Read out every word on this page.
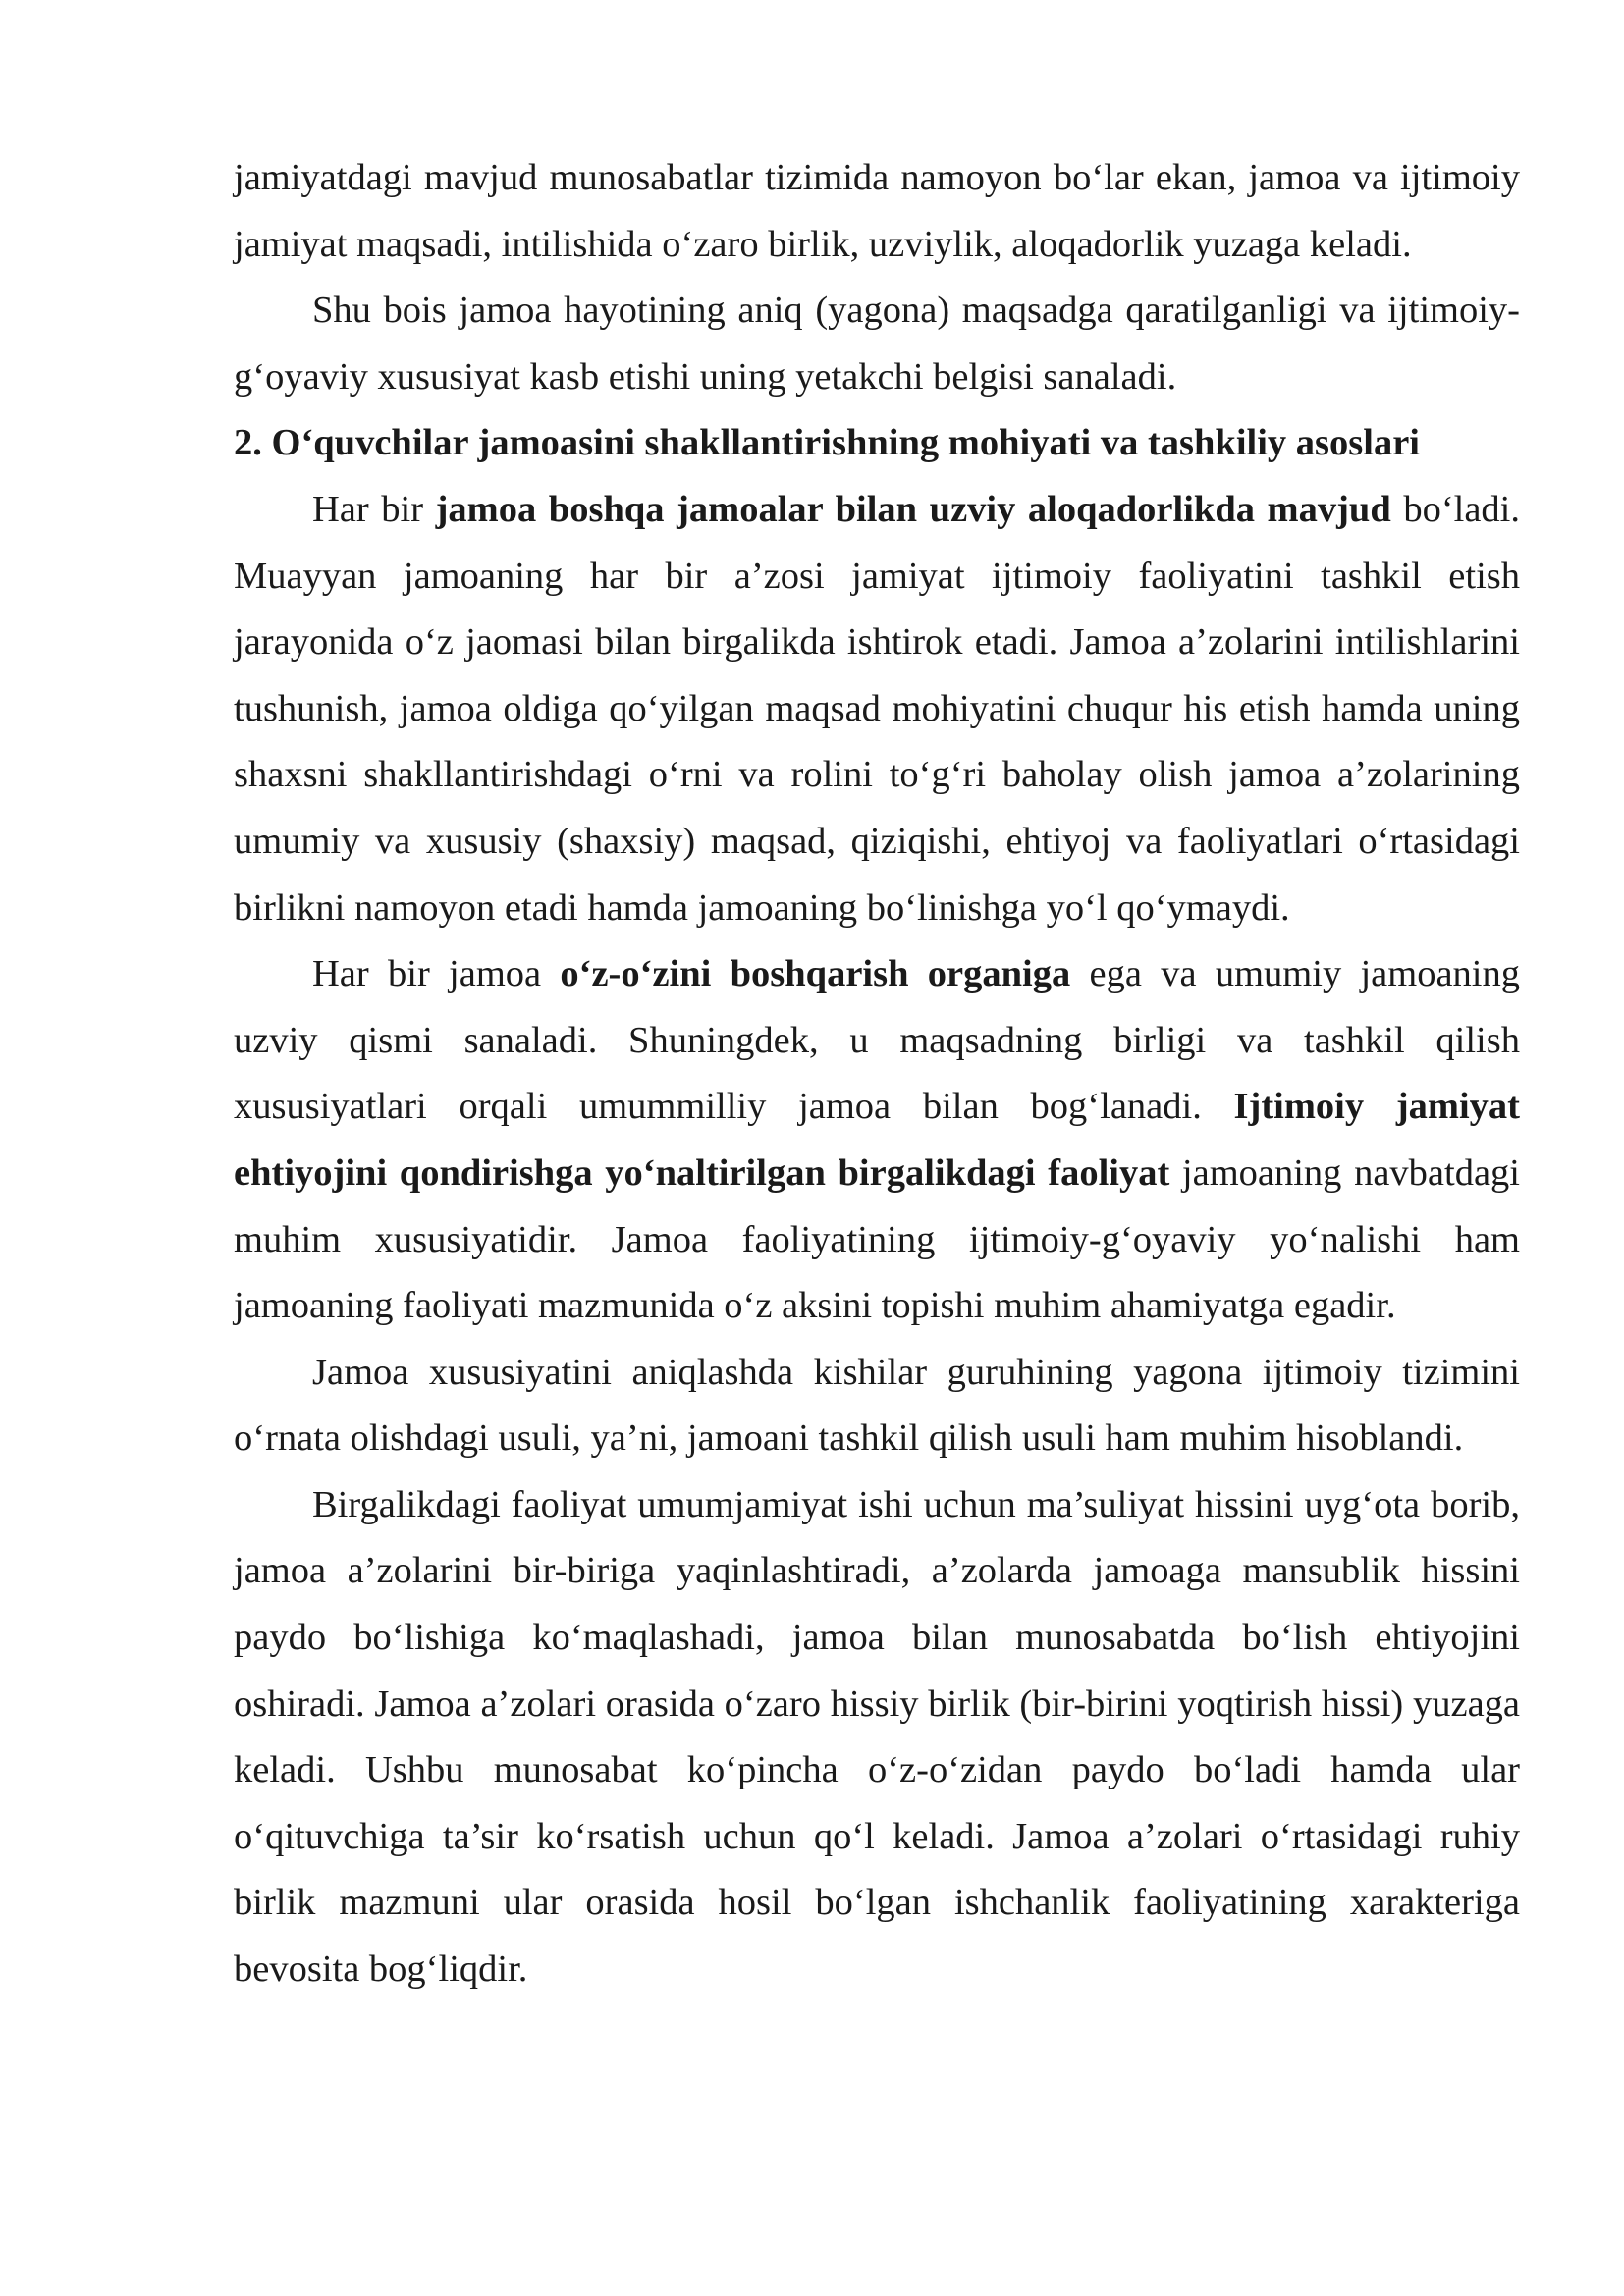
jamiyatdagi mavjud munosabatlar tizimida namoyon bo‘lar ekan, jamoa va ijtimoiy jamiyat maqsadi, intilishida o‘zaro birlik, uzviylik, aloqadorlik yuzaga keladi.

Shu bois jamoa hayotining aniq (yagona) maqsadga qaratilganligi va ijtimoiy-g‘oyaviy xususiyat kasb etishi uning yetakchi belgisi sanaladi.

2. O‘quvchilar jamoasini shakllantirishning mohiyati va tashkiliy asoslari

Har bir jamoa boshqa jamoalar bilan uzviy aloqadorlikda mavjud bo‘ladi. Muayyan jamoaning har bir a’zosi jamiyat ijtimoiy faoliyatini tashkil etish jarayonida o‘z jaomasi bilan birgalikda ishtirok etadi. Jamoa a’zolarini intilishlarini tushunish, jamoa oldiga qo‘yilgan maqsad mohiyatini chuqur his etish hamda uning shaxsni shakllantirishdagi o‘rni va rolini to‘g‘ri baholay olish jamoa a’zolarining umumiy va xususiy (shaxsiy) maqsad, qiziqishi, ehtiyoj va faoliyatlari o‘rtasidagi birlikni namoyon etadi hamda jamoaning bo‘linishga yo‘l qo‘ymaydi.

Har bir jamoa o‘z-o‘zini boshqarish organiga ega va umumiy jamoaning uzviy qismi sanaladi. Shuningdek, u maqsadning birligi va tashkil qilish xususiyatlari orqali umummilliy jamoa bilan bog‘lanadi. Ijtimoiy jamiyat ehtiyojini qondirishga yo‘naltirilgan birgalikdagi faoliyat jamoaning navbatdagi muhim xususiyatidir. Jamoa faoliyatining ijtimoiy-g‘oyaviy yo‘nalishi ham jamoaning faoliyati mazmunida o‘z aksini topishi muhim ahamiyatga egadir.

Jamoa xususiyatini aniqlashda kishilar guruhining yagona ijtimoiy tizimini o‘rnata olishdagi usuli, ya’ni, jamoani tashkil qilish usuli ham muhim hisoblandi.

Birgalikdagi faoliyat umumjamiyat ishi uchun ma’suliyat hissini uyg‘ota borib, jamoa a’zolarini bir-biriga yaqinlashtiradi, a’zolarda jamoaga mansublik hissini paydo bo‘lishiga ko‘maqlashadi, jamoa bilan munosabatda bo‘lish ehtiyojini oshiradi. Jamoa a’zolari orasida o‘zaro hissiy birlik (bir-birini yoqtirish hissi) yuzaga keladi. Ushbu munosabat ko‘pincha o‘z-o‘zidan paydo bo‘ladi hamda ular o‘qituvchiga ta’sir ko‘rsatish uchun qo‘l keladi. Jamoa a’zolari o‘rtasidagi ruhiy birlik mazmuni ular orasida hosil bo‘lgan ishchanlik faoliyatining xarakteriga bevosita bog‘liqdir.
